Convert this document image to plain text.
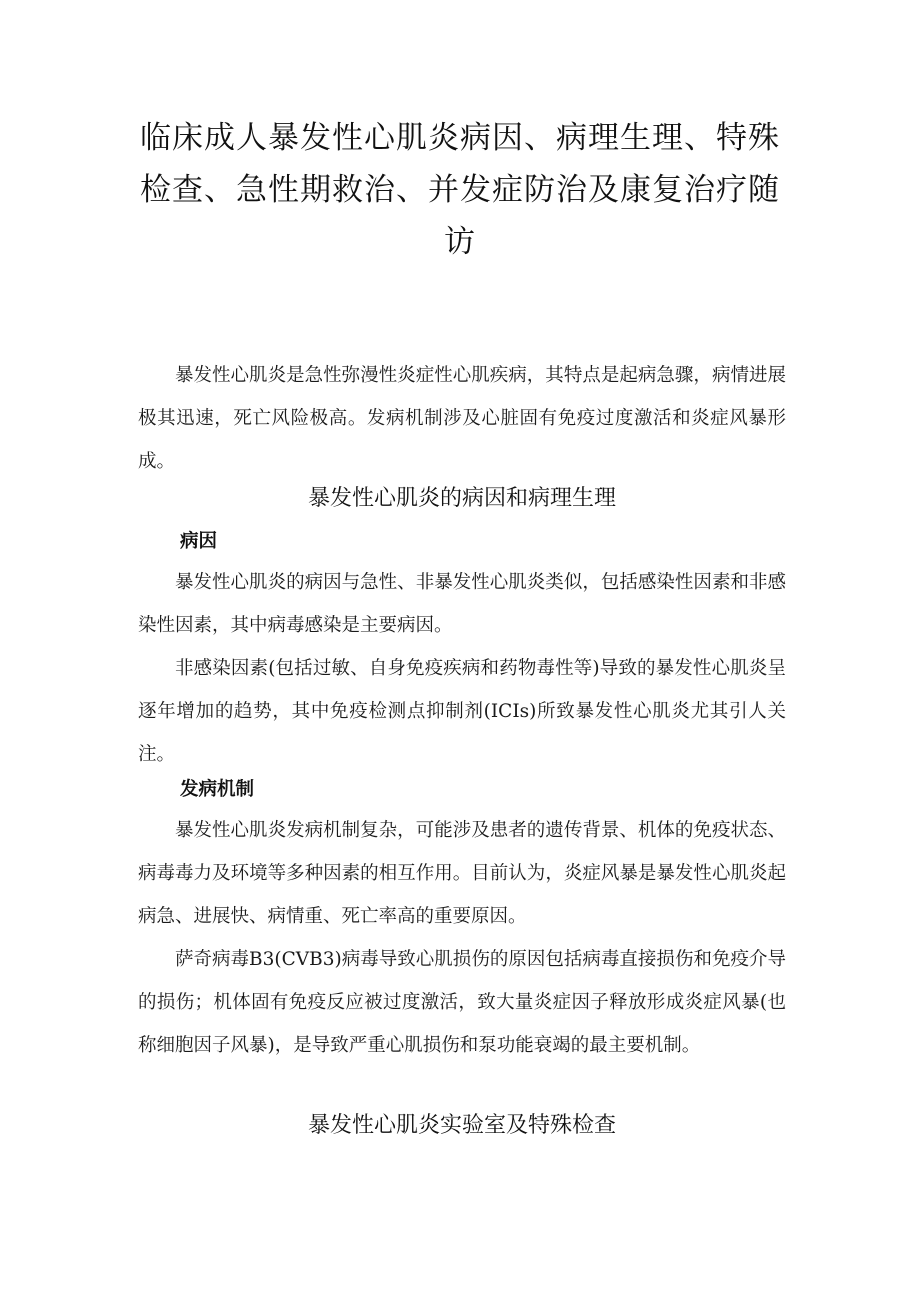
临床成人暴发性心肌炎病因、病理生理、特殊检查、急性期救治、并发症防治及康复治疗随访

暴发性心肌炎是急性弥漫性炎症性心肌疾病，其特点是起病急骤，病情进展极其迅速，死亡风险极高。发病机制涉及心脏固有免疫过度激活和炎症风暴形成。

暴发性心肌炎的病因和病理生理
病因

暴发性心肌炎的病因与急性、非暴发性心肌炎类似，包括感染性因素和非感染性因素，其中病毒感染是主要病因。

非感染因素(包括过敏、自身免疫疾病和药物毒性等)导致的暴发性心肌炎呈逐年增加的趋势，其中免疫检测点抑制剂(ICIs)所致暴发性心肌炎尤其引人关注。

发病机制

暴发性心肌炎发病机制复杂，可能涉及患者的遗传背景、机体的免疫状态、病毒毒力及环境等多种因素的相互作用。目前认为，炎症风暴是暴发性心肌炎起病急、进展快、病情重、死亡率高的重要原因。

萨奇病毒B3(CVB3)病毒导致心肌损伤的原因包括病毒直接损伤和免疫介导的损伤；机体固有免疫反应被过度激活，致大量炎症因子释放形成炎症风暴(也称细胞因子风暴)，是导致严重心肌损伤和泵功能衰竭的最主要机制。

暴发性心肌炎实验室及特殊检查
